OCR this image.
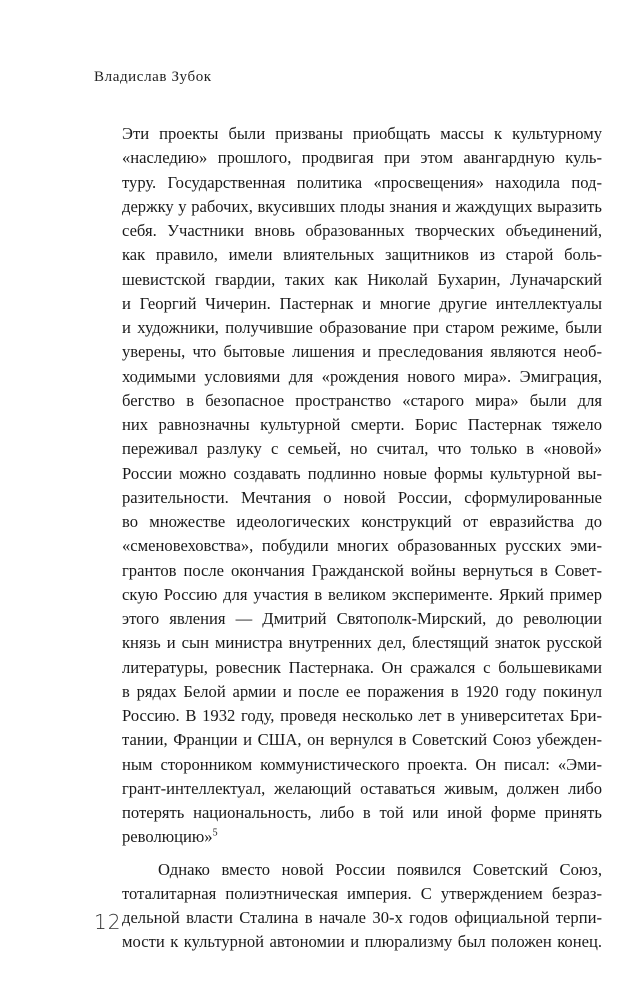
Владислав Зубок
Эти проекты были призваны приобщать массы к культурному
«наследию» прошлого, продвигая при этом авангардную куль-
туру. Государственная политика «просвещения» находила под-
держку у рабочих, вкусивших плоды знания и жаждущих выразить
себя. Участники вновь образованных творческих объединений,
как правило, имели влиятельных защитников из старой боль-
шевистской гвардии, таких как Николай Бухарин, Луначарский
и Георгий Чичерин. Пастернак и многие другие интеллектуалы
и художники, получившие образование при старом режиме, были
уверены, что бытовые лишения и преследования являются необ-
ходимыми условиями для «рождения нового мира». Эмиграция,
бегство в безопасное пространство «старого мира» были для
них равнозначны культурной смерти. Борис Пастернак тяжело
переживал разлуку с семьей, но считал, что только в «новой»
России можно создавать подлинно новые формы культурной вы-
разительности. Мечтания о новой России, сформулированные
во множестве идеологических конструкций от евразийства до
«сменовеховства», побудили многих образованных русских эми-
грантов после окончания Гражданской войны вернуться в Совет-
скую Россию для участия в великом эксперименте. Яркий пример
этого явления — Дмитрий Святополк-Мирский, до революции
князь и сын министра внутренних дел, блестящий знаток русской
литературы, ровесник Пастернака. Он сражался с большевиками
в рядах Белой армии и после ее поражения в 1920 году покинул
Россию. В 1932 году, проведя несколько лет в университетах Бри-
тании, Франции и США, он вернулся в Советский Союз убежден-
ным сторонником коммунистического проекта. Он писал: «Эми-
грант-интеллектуал, желающий оставаться живым, должен либо
потерять национальность, либо в той или иной форме принять
революцию»$^5$
Однако вместо новой России появился Советский Союз,
тоталитарная полиэтническая империя. С утверждением безраз-
дельной власти Сталина в начале 30-х годов официальной терпи-
мости к культурной автономии и плюрализму был положен конец.
12
